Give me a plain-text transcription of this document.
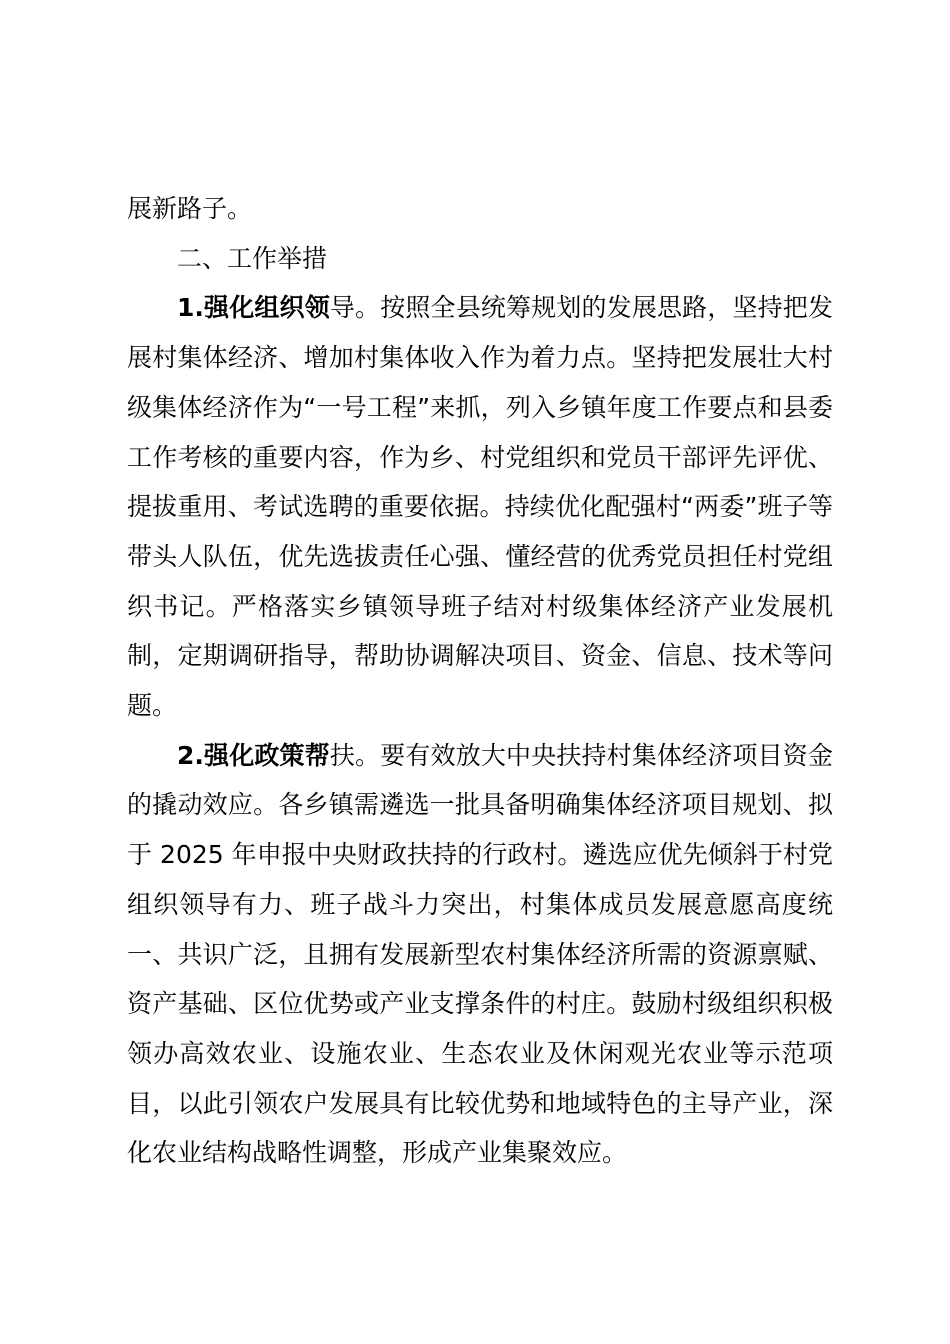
展新路子。

二、工作举措

1.强化组织领导。按照全县统筹规划的发展思路，坚持把发展村集体经济、增加村集体收入作为着力点。坚持把发展壮大村级集体经济作为“一号工程”来抓，列入乡镇年度工作要点和县委工作考核的重要内容，作为乡、村党组织和党员干部评先评优、提拔重用、考试选聘的重要依据。持续优化配强村“两委”班子等带头人队伍，优先选拔责任心强、懂经营的优秀党员担任村党组织书记。严格落实乡镇领导班子结对村级集体经济产业发展机制，定期调研指导，帮助协调解决项目、资金、信息、技术等问题。

2.强化政策帮扶。要有效放大中央扶持村集体经济项目资金的撬动效应。各乡镇需遴选一批具备明确集体经济项目规划、拟于 2025 年申报中央财政扶持的行政村。遴选应优先倾斜于村党组织领导有力、班子战斗力突出，村集体成员发展意愿高度统一、共识广泛，且拥有发展新型农村集体经济所需的资源禀赋、资产基础、区位优势或产业支撑条件的村庄。鼓励村级组织积极领办高效农业、设施农业、生态农业及休闲观光农业等示范项目，以此引领农户发展具有比较优势和地域特色的主导产业，深化农业结构战略性调整，形成产业集聚效应。
